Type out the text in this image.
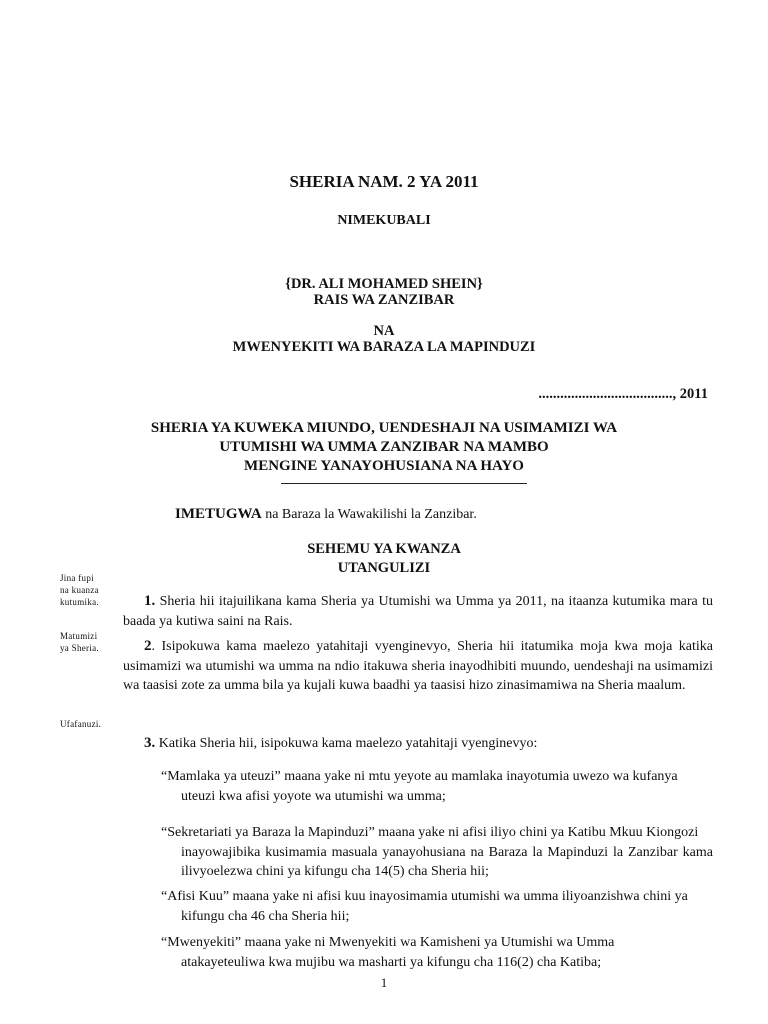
SHERIA NAM. 2 YA 2011
NIMEKUBALI
{DR. ALI MOHAMED SHEIN}
RAIS WA ZANZIBAR
NA
MWENYEKITI WA BARAZA LA MAPINDUZI
....................................., 2011
SHERIA YA KUWEKA MIUNDO, UENDESHAJI NA USIMAMIZI WA
UTUMISHI WA UMMA ZANZIBAR NA MAMBO
MENGINE YANAYOHUSIANA NA HAYO
IMETUGWA na Baraza la Wawakilishi la Zanzibar.
SEHEMU YA KWANZA
UTANGULIZI
Jina fupi
na kuanza
kutumika.
Matumizi
ya Sheria.
Ufafanuzi.
1. Sheria hii itajuilikana kama Sheria ya Utumishi wa Umma ya 2011, na itaanza kutumika mara tu baada ya kutiwa saini na Rais.
2. Isipokuwa kama maelezo yatahitaji vyenginevyo, Sheria hii itatumika moja kwa moja katika usimamizi wa utumishi wa umma na ndio itakuwa sheria inayodhibiti muundo, uendeshaji na usimamizi wa taasisi zote za umma bila ya kujali kuwa baadhi ya taasisi hizo zinasimamiwa na Sheria maalum.
3. Katika Sheria hii, isipokuwa kama maelezo yatahitaji vyenginevyo:
“Mamlaka ya uteuzi” maana yake ni mtu yeyote au mamlaka inayotumia uwezo wa kufanya
uteuzi kwa afisi yoyote wa utumishi wa umma;
“Sekretariati ya Baraza la Mapinduzi” maana yake ni afisi iliyo chini ya Katibu Mkuu Kiongozi
inayowajibika kusimamia masuala yanayohusiana na Baraza la Mapinduzi la Zanzibar kama ilivyoelezwa chini ya kifungu cha 14(5) cha Sheria hii;
“Afisi Kuu” maana yake ni afisi kuu inayosimamia utumishi wa umma iliyoanzishwa chini ya
kifungu cha 46 cha Sheria hii;
“Mwenyekiti” maana yake ni Mwenyekiti wa Kamisheni ya Utumishi wa Umma
atakayeteuliwa kwa mujibu wa masharti ya kifungu cha 116(2) cha Katiba;
1
